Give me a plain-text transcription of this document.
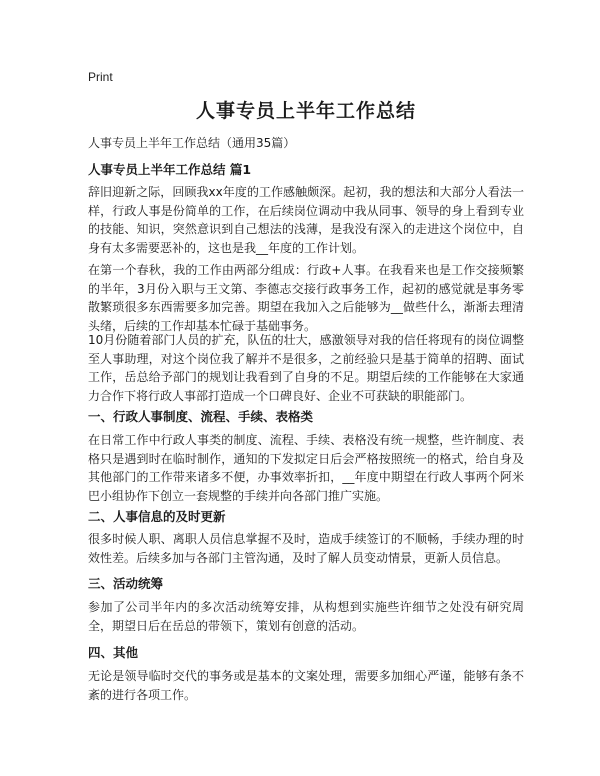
Print
人事专员上半年工作总结

人事专员上半年工作总结（通用35篇）

人事专员上半年工作总结 篇1

辞旧迎新之际，回顾我xx年度的工作感触颇深。起初，我的想法和大部分人看法一样，行政人事是份简单的工作，在后续岗位调动中我从同事、领导的身上看到专业的技能、知识，突然意识到自己想法的浅薄，是我没有深入的走进这个岗位中，自身有太多需要恶补的，这也是我__年度的工作计划。

在第一个春秋，我的工作由两部分组成：行政+人事。在我看来也是工作交接频繁的半年，3月份入职与王文第、李德志交接行政事务工作，起初的感觉就是事务零散繁琐很多东西需要多加完善。期望在我加入之后能够为__做些什么，渐渐去理清头绪，后续的工作却基本忙碌于基础事务。

10月份随着部门人员的扩充，队伍的壮大，感激领导对我的信任将现有的岗位调整至人事助理，对这个岗位我了解并不是很多，之前经验只是基于简单的招聘、面试工作，岳总给予部门的规划让我看到了自身的不足。期望后续的工作能够在大家通力合作下将行政人事部打造成一个口碑良好、企业不可获缺的职能部门。

一、行政人事制度、流程、手续、表格类

在日常工作中行政人事类的制度、流程、手续、表格没有统一规整，些许制度、表格只是遇到时在临时制作，通知的下发拟定日后会严格按照统一的格式，给自身及其他部门的工作带来诸多不便，办事效率折扣，__年度中期望在行政人事两个阿米巴小组协作下创立一套规整的手续并向各部门推广实施。

二、人事信息的及时更新

很多时候人职、离职人员信息掌握不及时，造成手续签订的不顺畅，手续办理的时效性差。后续多加与各部门主管沟通，及时了解人员变动情景，更新人员信息。

三、活动统筹

参加了公司半年内的多次活动统筹安排，从构想到实施些许细节之处没有研究周全，期望日后在岳总的带领下，策划有创意的活动。

四、其他

无论是领导临时交代的事务或是基本的文案处理，需要多加细心严谨，能够有条不紊的进行各项工作。
